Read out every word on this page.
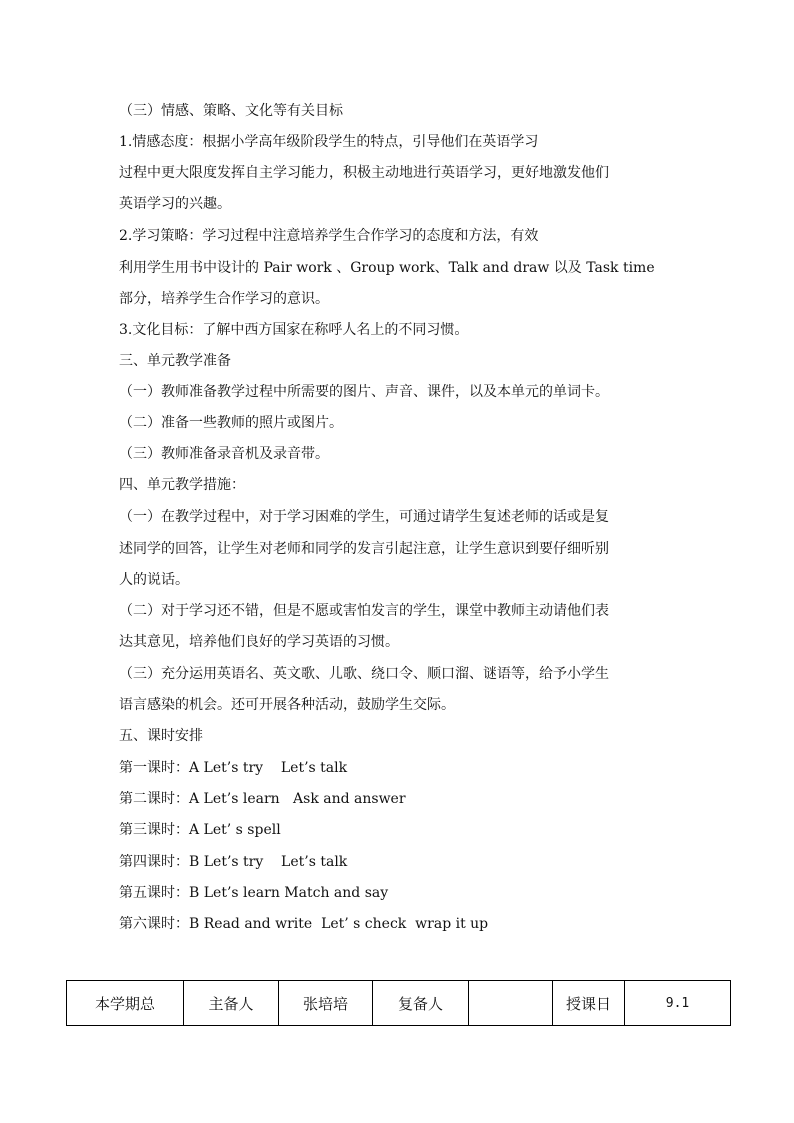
（三）情感、策略、文化等有关目标
1.情感态度：根据小学高年级阶段学生的特点，引导他们在英语学习
过程中更大限度发挥自主学习能力，积极主动地进行英语学习，更好地激发他们
英语学习的兴趣。
2.学习策略：学习过程中注意培养学生合作学习的态度和方法，有效
利用学生用书中设计的 Pair work 、Group work、Talk and draw 以及 Task time
部分，培养学生合作学习的意识。
3.文化目标：了解中西方国家在称呼人名上的不同习惯。
三、单元教学准备
（一）教师准备教学过程中所需要的图片、声音、课件，以及本单元的单词卡。
（二）准备一些教师的照片或图片。
（三）教师准备录音机及录音带。
四、单元教学措施：
（一）在教学过程中，对于学习困难的学生，可通过请学生复述老师的话或是复
述同学的回答，让学生对老师和同学的发言引起注意，让学生意识到要仔细听别
人的说话。
（二）对于学习还不错，但是不愿或害怕发言的学生，课堂中教师主动请他们表
达其意见，培养他们良好的学习英语的习惯。
（三）充分运用英语名、英文歌、儿歌、绕口令、顺口溜、谜语等，给予小学生
语言感染的机会。还可开展各种活动，鼓励学生交际。
五、课时安排
第一课时：A Let’s try    Let’s talk
第二课时：A Let’s learn   Ask and answer
第三课时：A Let’ s spell
第四课时：B Let’s try    Let’s talk
第五课时：B Let’s learn Match and say
第六课时：B Read and write  Let’ s check  wrap it up
本学期总	主备人	张培培	复备人		授课日	9.1
